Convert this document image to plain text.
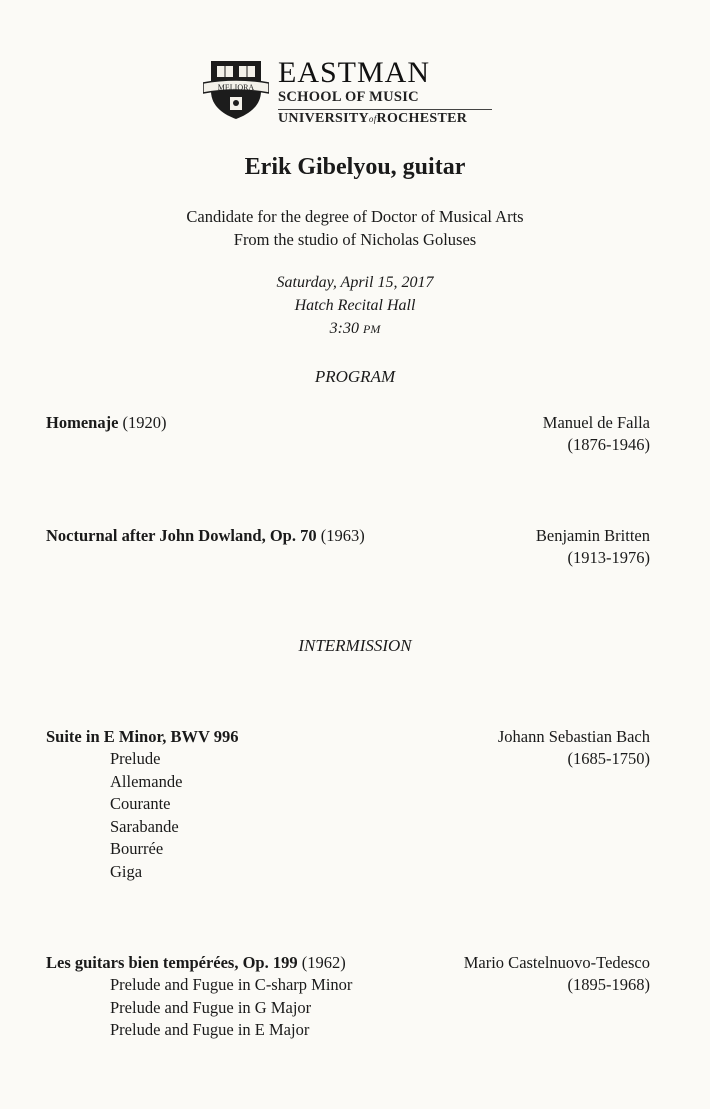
MELIORA EASTMAN
SCHOOL OF MUSIC
UNIVERSITYofROCHESTER
Erik Gibelyou, guitar
Candidate for the degree of Doctor of Musical Arts
From the studio of Nicholas Goluses
Saturday, April 15, 2017
Hatch Recital Hall
3:30 PM
PROGRAM
Homenaje (1920)	Manuel de Falla
(1876-1946)
Nocturnal after John Dowland, Op. 70 (1963)	Benjamin Britten
(1913-1976)
INTERMISSION
Suite in E Minor, BWV 996	Johann Sebastian Bach
(1685-1750)
Prelude
Allemande
Courante
Sarabande
Bourrée
Giga
Les guitars bien tempérées, Op. 199 (1962)	Mario Castelnuovo-Tedesco
(1895-1968)
Prelude and Fugue in C-sharp Minor
Prelude and Fugue in G Major
Prelude and Fugue in E Major
